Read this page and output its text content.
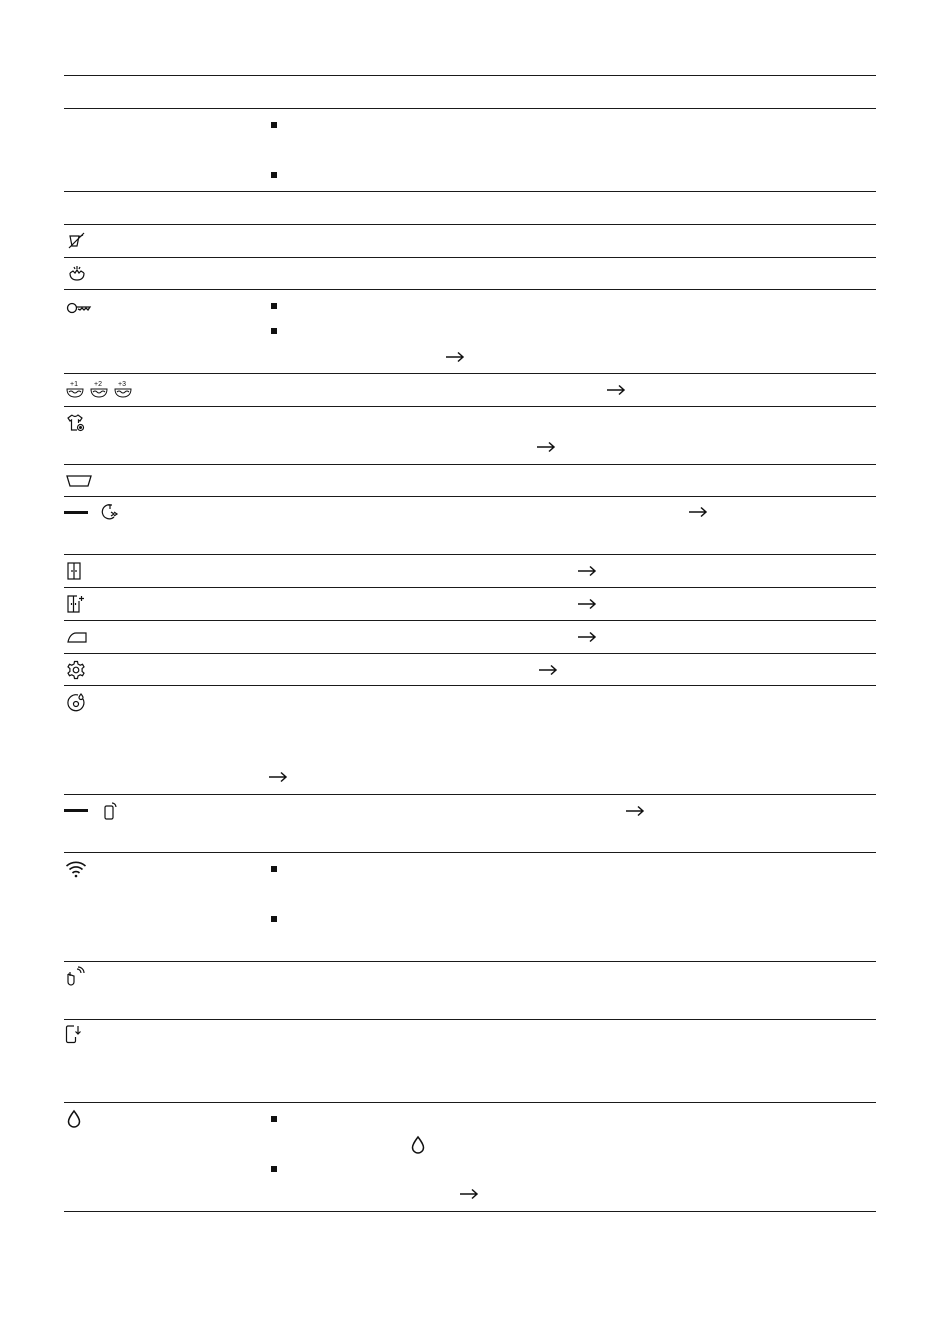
+1 +2 +3
